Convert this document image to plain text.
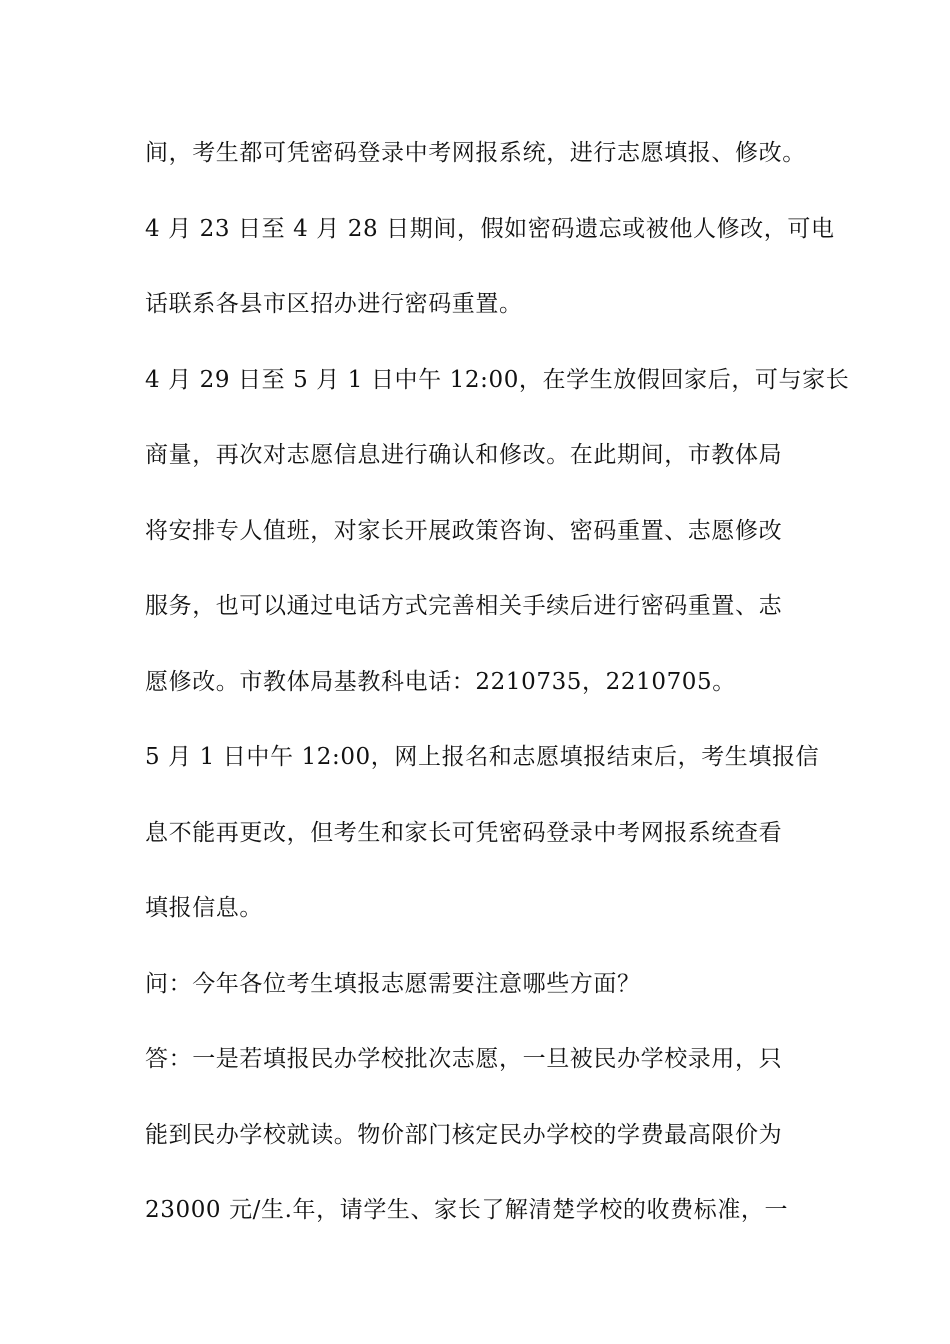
间，考生都可凭密码登录中考网报系统，进行志愿填报、修改。
4 月 23 日至 4 月 28 日期间，假如密码遗忘或被他人修改，可电
话联系各县市区招办进行密码重置。
4 月 29 日至 5 月 1 日中午 12:00，在学生放假回家后，可与家长
商量，再次对志愿信息进行确认和修改。在此期间，市教体局
将安排专人值班，对家长开展政策咨询、密码重置、志愿修改
服务，也可以通过电话方式完善相关手续后进行密码重置、志
愿修改。市教体局基教科电话：2210735，2210705。
5 月 1 日中午 12:00，网上报名和志愿填报结束后，考生填报信
息不能再更改，但考生和家长可凭密码登录中考网报系统查看
填报信息。
问：今年各位考生填报志愿需要注意哪些方面？
答：一是若填报民办学校批次志愿，一旦被民办学校录用，只
能到民办学校就读。物价部门核定民办学校的学费最高限价为
23000 元/生.年，请学生、家长了解清楚学校的收费标准，一
